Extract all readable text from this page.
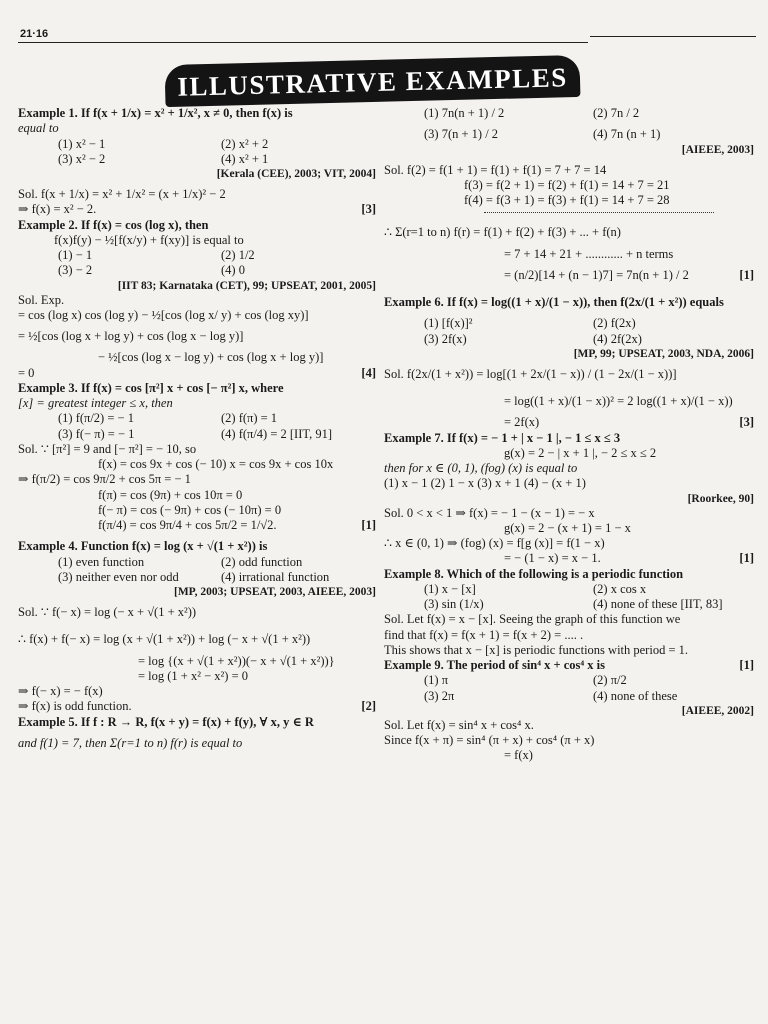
21·16
ILLUSTRATIVE EXAMPLES
Example 1. If f(x + 1/x) = x² + 1/x², x ≠ 0, then f(x) is
equal to
(1) x² − 1	(2) x² + 2
(3) x² − 2	(4) x² + 1
[Kerala (CEE), 2003; VIT, 2004]
Sol. f(x + 1/x) = x² + 1/x² = (x + 1/x)² − 2
[3]
⇒ f(x) = x² − 2.
Example 2. If f(x) = cos (log x), then
f(x)f(y) − ½[f(x/y) + f(xy)] is equal to
(1) − 1	(2) 1/2
(3) − 2	(4) 0
[IIT 83; Karnataka (CET), 99; UPSEAT, 2001, 2005]
Sol. Exp.
= cos (log x) cos (log y) − ½[cos (log x/ y) + cos (log xy)]
= ½[cos (log x + log y) + cos (log x − log y)]
− ½[cos (log x − log y) + cos (log x + log y)]
[4]
= 0
Example 3. If f(x) = cos [π²] x + cos [− π²] x, where
[x] = greatest integer ≤ x, then
(1) f(π/2) = − 1	(2) f(π) = 1
(3) f(− π) = − 1	(4) f(π/4) = 2 [IIT, 91]
Sol. ∵ [π²] = 9 and [− π²] = − 10, so
f(x) = cos 9x + cos (− 10) x = cos 9x + cos 10x
⇒ f(π/2) = cos 9π/2 + cos 5π = − 1
f(π) = cos (9π) + cos 10π = 0
f(− π) = cos (− 9π) + cos (− 10π) = 0
[1]
f(π/4) = cos 9π/4 + cos 5π/2 = 1/√2.
Example 4. Function f(x) = log (x + √(1 + x²)) is
(1) even function	(2) odd function
(3) neither even nor odd	(4) irrational function
[MP, 2003; UPSEAT, 2003, AIEEE, 2003]
Sol. ∵ f(− x) = log (− x + √(1 + x²))
∴ f(x) + f(− x) = log (x + √(1 + x²)) + log (− x + √(1 + x²))
= log {(x + √(1 + x²))(− x + √(1 + x²))}
= log (1 + x² − x²) = 0
⇒ f(− x) = − f(x)
[2]
⇒ f(x) is odd function.
Example 5. If f : R → R, f(x + y) = f(x) + f(y), ∀ x, y ∈ R
and f(1) = 7, then Σ(r=1 to n) f(r) is equal to
(1) 7n(n + 1) / 2	(2) 7n / 2
(3) 7(n + 1) / 2	(4) 7n (n + 1)
[AIEEE, 2003]
Sol. f(2) = f(1 + 1) = f(1) + f(1) = 7 + 7 = 14
f(3) = f(2 + 1) = f(2) + f(1) = 14 + 7 = 21
f(4) = f(3 + 1) = f(3) + f(1) = 14 + 7 = 28
∴ Σ(r=1 to n) f(r) = f(1) + f(2) + f(3) + ... + f(n)
= 7 + 14 + 21 + ............ + n terms
[1]
= (n/2)[14 + (n − 1)7] = 7n(n + 1) / 2
Example 6. If f(x) = log((1 + x)/(1 − x)), then f(2x/(1 + x²)) equals
(1) [f(x)]²	(2) f(2x)
(3) 2f(x)	(4) 2f(2x)
[MP, 99; UPSEAT, 2003, NDA, 2006]
Sol. f(2x/(1 + x²)) = log[(1 + 2x/(1 − x)) / (1 − 2x/(1 − x))]
= log((1 + x)/(1 − x))² = 2 log((1 + x)/(1 − x))
[3]
= 2f(x)
Example 7. If f(x) = − 1 + | x − 1 |, − 1 ≤ x ≤ 3
g(x) = 2 − | x + 1 |, − 2 ≤ x ≤ 2
then for x ∈ (0, 1), (fog) (x) is equal to
(1) x − 1 (2) 1 − x (3) x + 1 (4) − (x + 1)
[Roorkee, 90]
Sol. 0 < x < 1 ⇒ f(x) = − 1 − (x − 1) = − x
g(x) = 2 − (x + 1) = 1 − x
∴ x ∈ (0, 1) ⇒ (fog) (x) = f[g (x)] = f(1 − x)
[1]
= − (1 − x) = x − 1.
Example 8. Which of the following is a periodic function
(1) x − [x]	(2) x cos x
(3) sin (1/x)	(4) none of these [IIT, 83]
Sol. Let f(x) = x − [x]. Seeing the graph of this function we
find that f(x) = f(x + 1) = f(x + 2) = .... .
This shows that x − [x] is periodic functions with period = 1.
[1]
Example 9. The period of sin⁴ x + cos⁴ x is
(1) π	(2) π/2
(3) 2π	(4) none of these
[AIEEE, 2002]
Sol. Let f(x) = sin⁴ x + cos⁴ x.
Since f(x + π) = sin⁴ (π + x) + cos⁴ (π + x)
= f(x)
